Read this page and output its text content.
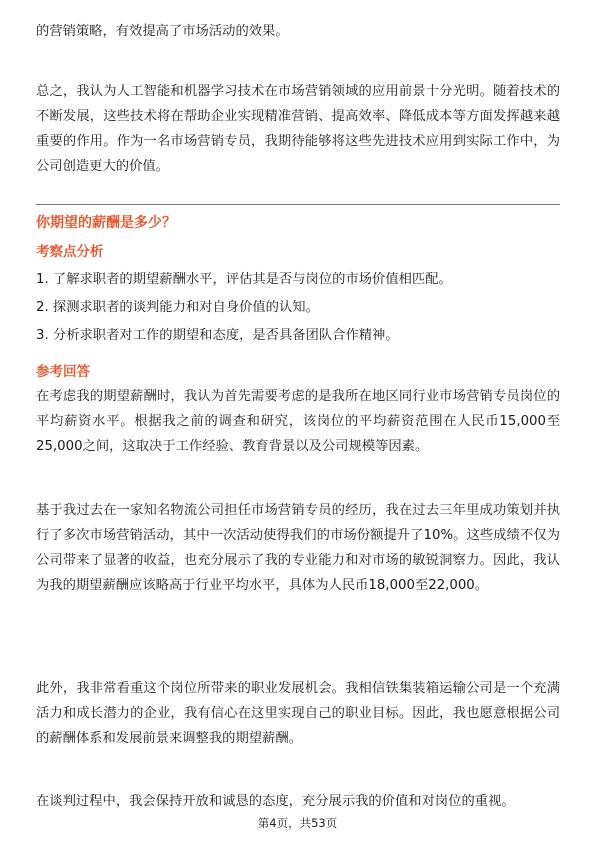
的营销策略，有效提高了市场活动的效果。

总之，我认为人工智能和机器学习技术在市场营销领域的应用前景十分光明。随着技术的不断发展，这些技术将在帮助企业实现精准营销、提高效率、降低成本等方面发挥越来越重要的作用。作为一名市场营销专员，我期待能够将这些先进技术应用到实际工作中，为公司创造更大的价值。

你期望的薪酬是多少？
考察点分析

1. 了解求职者的期望薪酬水平，评估其是否与岗位的市场价值相匹配。

2. 探测求职者的谈判能力和对自身价值的认知。

3. 分析求职者对工作的期望和态度，是否具备团队合作精神。

参考回答

在考虑我的期望薪酬时，我认为首先需要考虑的是我所在地区同行业市场营销专员岗位的平均薪资水平。根据我之前的调查和研究，该岗位的平均薪资范围在人民币15,000至25,000之间，这取决于工作经验、教育背景以及公司规模等因素。

基于我过去在一家知名物流公司担任市场营销专员的经历，我在过去三年里成功策划并执行了多次市场营销活动，其中一次活动使得我们的市场份额提升了10%。这些成绩不仅为公司带来了显著的收益，也充分展示了我的专业能力和对市场的敏锐洞察力。因此，我认为我的期望薪酬应该略高于行业平均水平，具体为人民币18,000至22,000。

此外，我非常看重这个岗位所带来的职业发展机会。我相信铁集装箱运输公司是一个充满活力和成长潜力的企业，我有信心在这里实现自己的职业目标。因此，我也愿意根据公司的薪酬体系和发展前景来调整我的期望薪酬。

在谈判过程中，我会保持开放和诚恳的态度，充分展示我的价值和对岗位的重视。

第4页，共53页
